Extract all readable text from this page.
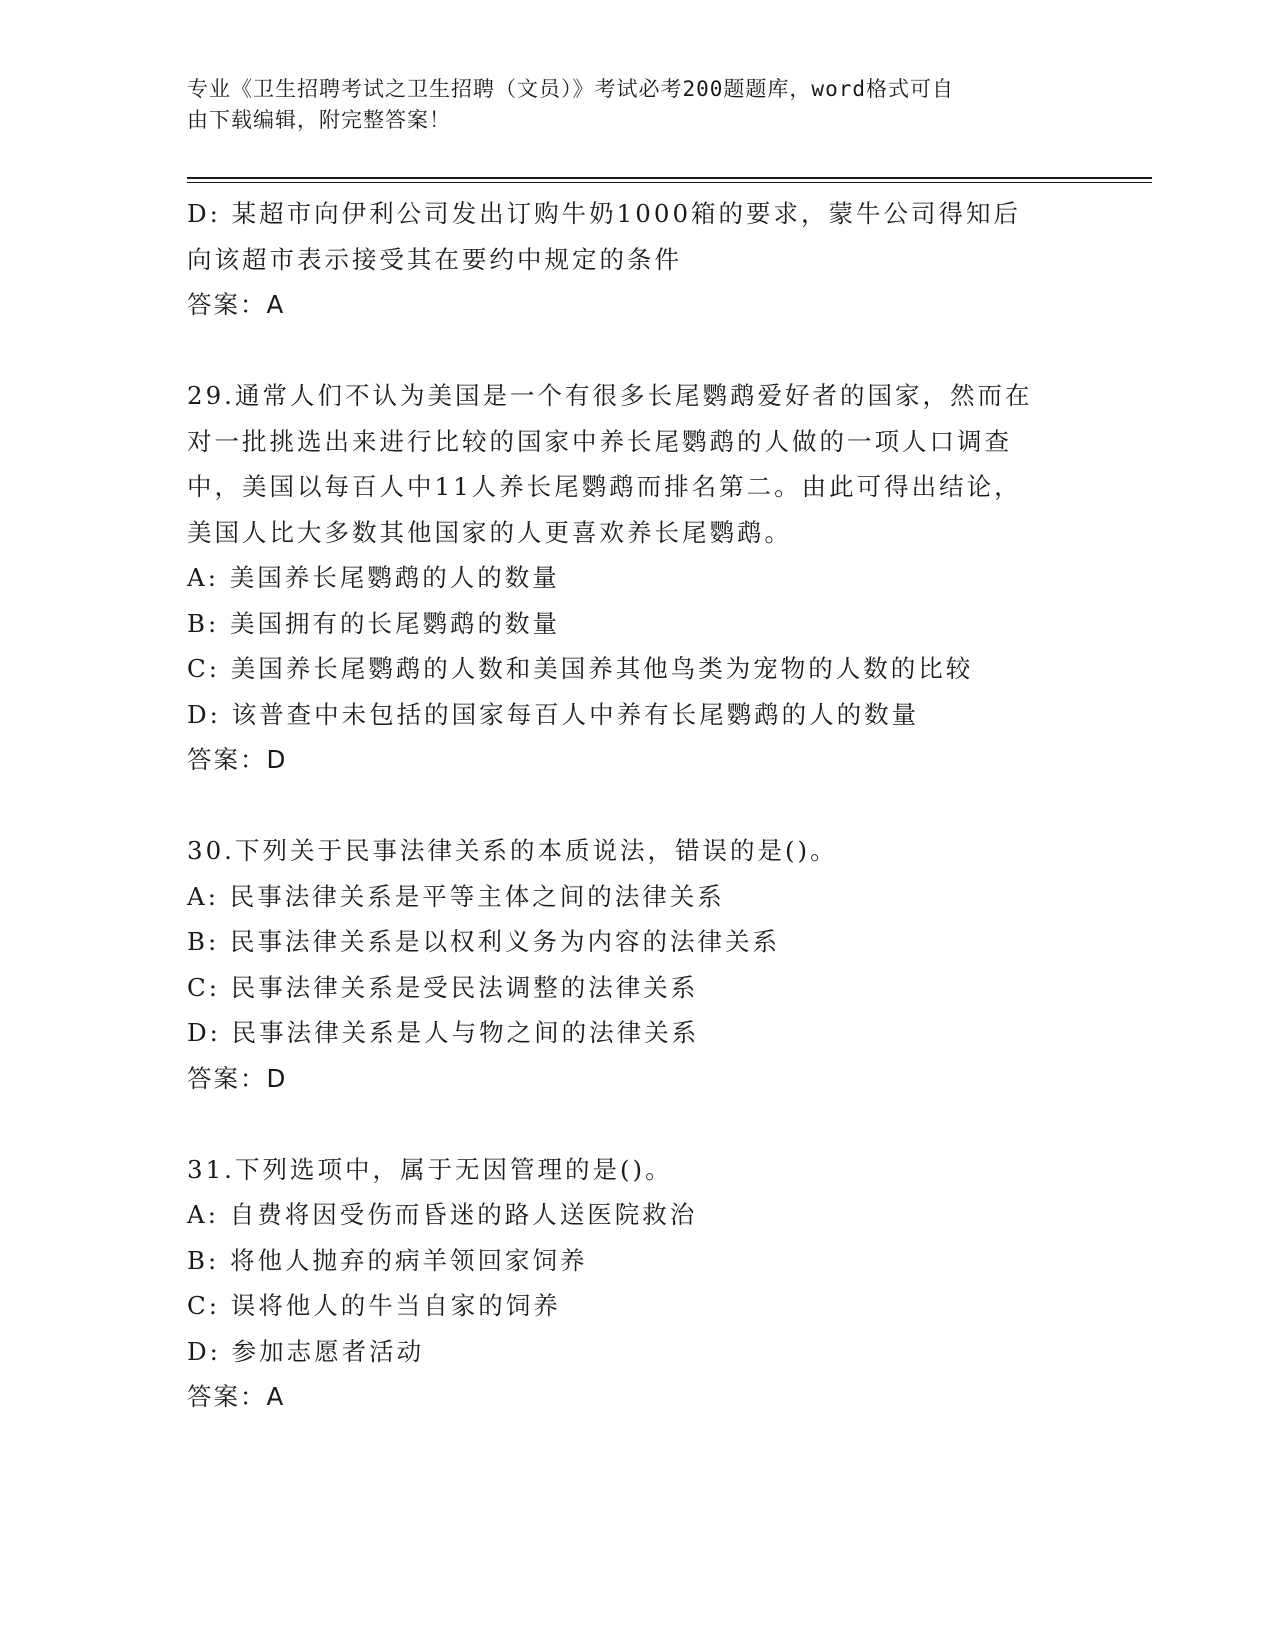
专业《卫生招聘考试之卫生招聘（文员）》考试必考200题题库，word格式可自
由下载编辑，附完整答案！
D: 某超市向伊利公司发出订购牛奶1000箱的要求，蒙牛公司得知后
向该超市表示接受其在要约中规定的条件
答案：A
29.通常人们不认为美国是一个有很多长尾鹦鹉爱好者的国家，然而在
对一批挑选出来进行比较的国家中养长尾鹦鹉的人做的一项人口调查
中，美国以每百人中11人养长尾鹦鹉而排名第二。由此可得出结论，
美国人比大多数其他国家的人更喜欢养长尾鹦鹉。
A: 美国养长尾鹦鹉的人的数量
B: 美国拥有的长尾鹦鹉的数量
C: 美国养长尾鹦鹉的人数和美国养其他鸟类为宠物的人数的比较
D: 该普查中未包括的国家每百人中养有长尾鹦鹉的人的数量
答案：D
30.下列关于民事法律关系的本质说法，错误的是()。
A: 民事法律关系是平等主体之间的法律关系
B: 民事法律关系是以权利义务为内容的法律关系
C: 民事法律关系是受民法调整的法律关系
D: 民事法律关系是人与物之间的法律关系
答案：D
31.下列选项中，属于无因管理的是()。
A: 自费将因受伤而昏迷的路人送医院救治
B: 将他人抛弃的病羊领回家饲养
C: 误将他人的牛当自家的饲养
D: 参加志愿者活动
答案：A
